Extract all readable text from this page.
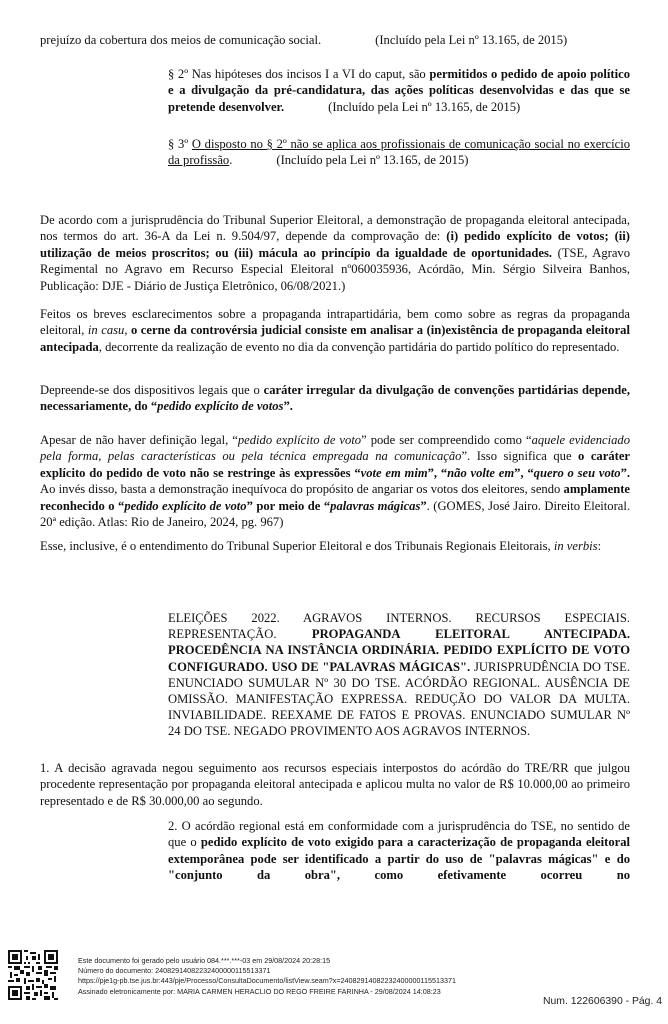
prejuízo da cobertura dos meios de comunicação social.	(Incluído pela Lei nº 13.165, de 2015)

§ 2º Nas hipóteses dos incisos I a VI do caput, são permitidos o pedido de apoio político e a divulgação da pré-candidatura, das ações políticas desenvolvidas e das que se pretende desenvolver.	(Incluído pela Lei nº 13.165, de 2015)

§ 3º O disposto no § 2º não se aplica aos profissionais de comunicação social no exercício da profissão.	(Incluído pela Lei nº 13.165, de 2015)

De acordo com a jurisprudência do Tribunal Superior Eleitoral, a demonstração de propaganda eleitoral antecipada, nos termos do art. 36-A da Lei n. 9.504/97, depende da comprovação de: (i) pedido explícito de votos; (ii) utilização de meios proscritos; ou (iii) mácula ao princípio da igualdade de oportunidades. (TSE, Agravo Regimental no Agravo em Recurso Especial Eleitoral nº060035936, Acórdão, Min. Sérgio Silveira Banhos, Publicação: DJE - Diário de Justiça Eletrônico, 06/08/2021.)

Feitos os breves esclarecimentos sobre a propaganda intrapartidária, bem como sobre as regras da propaganda eleitoral, in casu, o cerne da controvérsia judicial consiste em analisar a (in)existência de propaganda eleitoral antecipada, decorrente da realização de evento no dia da convenção partidária do partido político do representado.

Depreende-se dos dispositivos legais que o caráter irregular da divulgação de convenções partidárias depende, necessariamente, do “pedido explícito de votos”.

Apesar de não haver definição legal, “pedido explícito de voto” pode ser compreendido como “aquele evidenciado pela forma, pelas características ou pela técnica empregada na comunicação”. Isso significa que o caráter explícito do pedido de voto não se restringe às expressões “vote em mim”, “não volte em”, “quero o seu voto”. Ao invés disso, basta a demonstração inequívoca do propósito de angariar os votos dos eleitores, sendo amplamente reconhecido o “pedido explícito de voto” por meio de “palavras mágicas”. (GOMES, José Jairo. Direito Eleitoral. 20ª edição. Atlas: Rio de Janeiro, 2024, pg. 967)

Esse, inclusive, é o entendimento do Tribunal Superior Eleitoral e dos Tribunais Regionais Eleitorais, in verbis:

ELEIÇÕES 2022. AGRAVOS INTERNOS. RECURSOS ESPECIAIS. REPRESENTAÇÃO. PROPAGANDA ELEITORAL ANTECIPADA. PROCEDÊNCIA NA INSTÂNCIA ORDINÁRIA. PEDIDO EXPLÍCITO DE VOTO CONFIGURADO. USO DE "PALAVRAS MÁGICAS". JURISPRUDÊNCIA DO TSE. ENUNCIADO SUMULAR Nº 30 DO TSE. ACÓRDÃO REGIONAL. AUSÊNCIA DE OMISSÃO. MANIFESTAÇÃO EXPRESSA. REDUÇÃO DO VALOR DA MULTA. INVIABILIDADE. REEXAME DE FATOS E PROVAS. ENUNCIADO SUMULAR Nº 24 DO TSE. NEGADO PROVIMENTO AOS AGRAVOS INTERNOS.

1. A decisão agravada negou seguimento aos recursos especiais interpostos do acórdão do TRE/RR que julgou procedente representação por propaganda eleitoral antecipada e aplicou multa no valor de R$ 10.000,00 ao primeiro representado e de R$ 30.000,00 ao segundo.

2. O acórdão regional está em conformidade com a jurisprudência do TSE, no sentido de que o pedido explícito de voto exigido para a caracterização de propaganda eleitoral extemporânea pode ser identificado a partir do uso de "palavras mágicas" e do "conjunto da obra", como efetivamente ocorreu no

Este documento foi gerado pelo usuário 084.***.***-03 em 29/08/2024 20:28:15
Número do documento: 24082914082232400000115513371
https://pje1g-pb.tse.jus.br:443/pje/Processo/ConsultaDocumento/listView.seam?x=24082914082232400000115513371
Assinado eletronicamente por: MARIA CARMEN HERACLIO DO REGO FREIRE FARINHA - 29/08/2024 14:08:23
Num. 122606390 - Pág. 4
